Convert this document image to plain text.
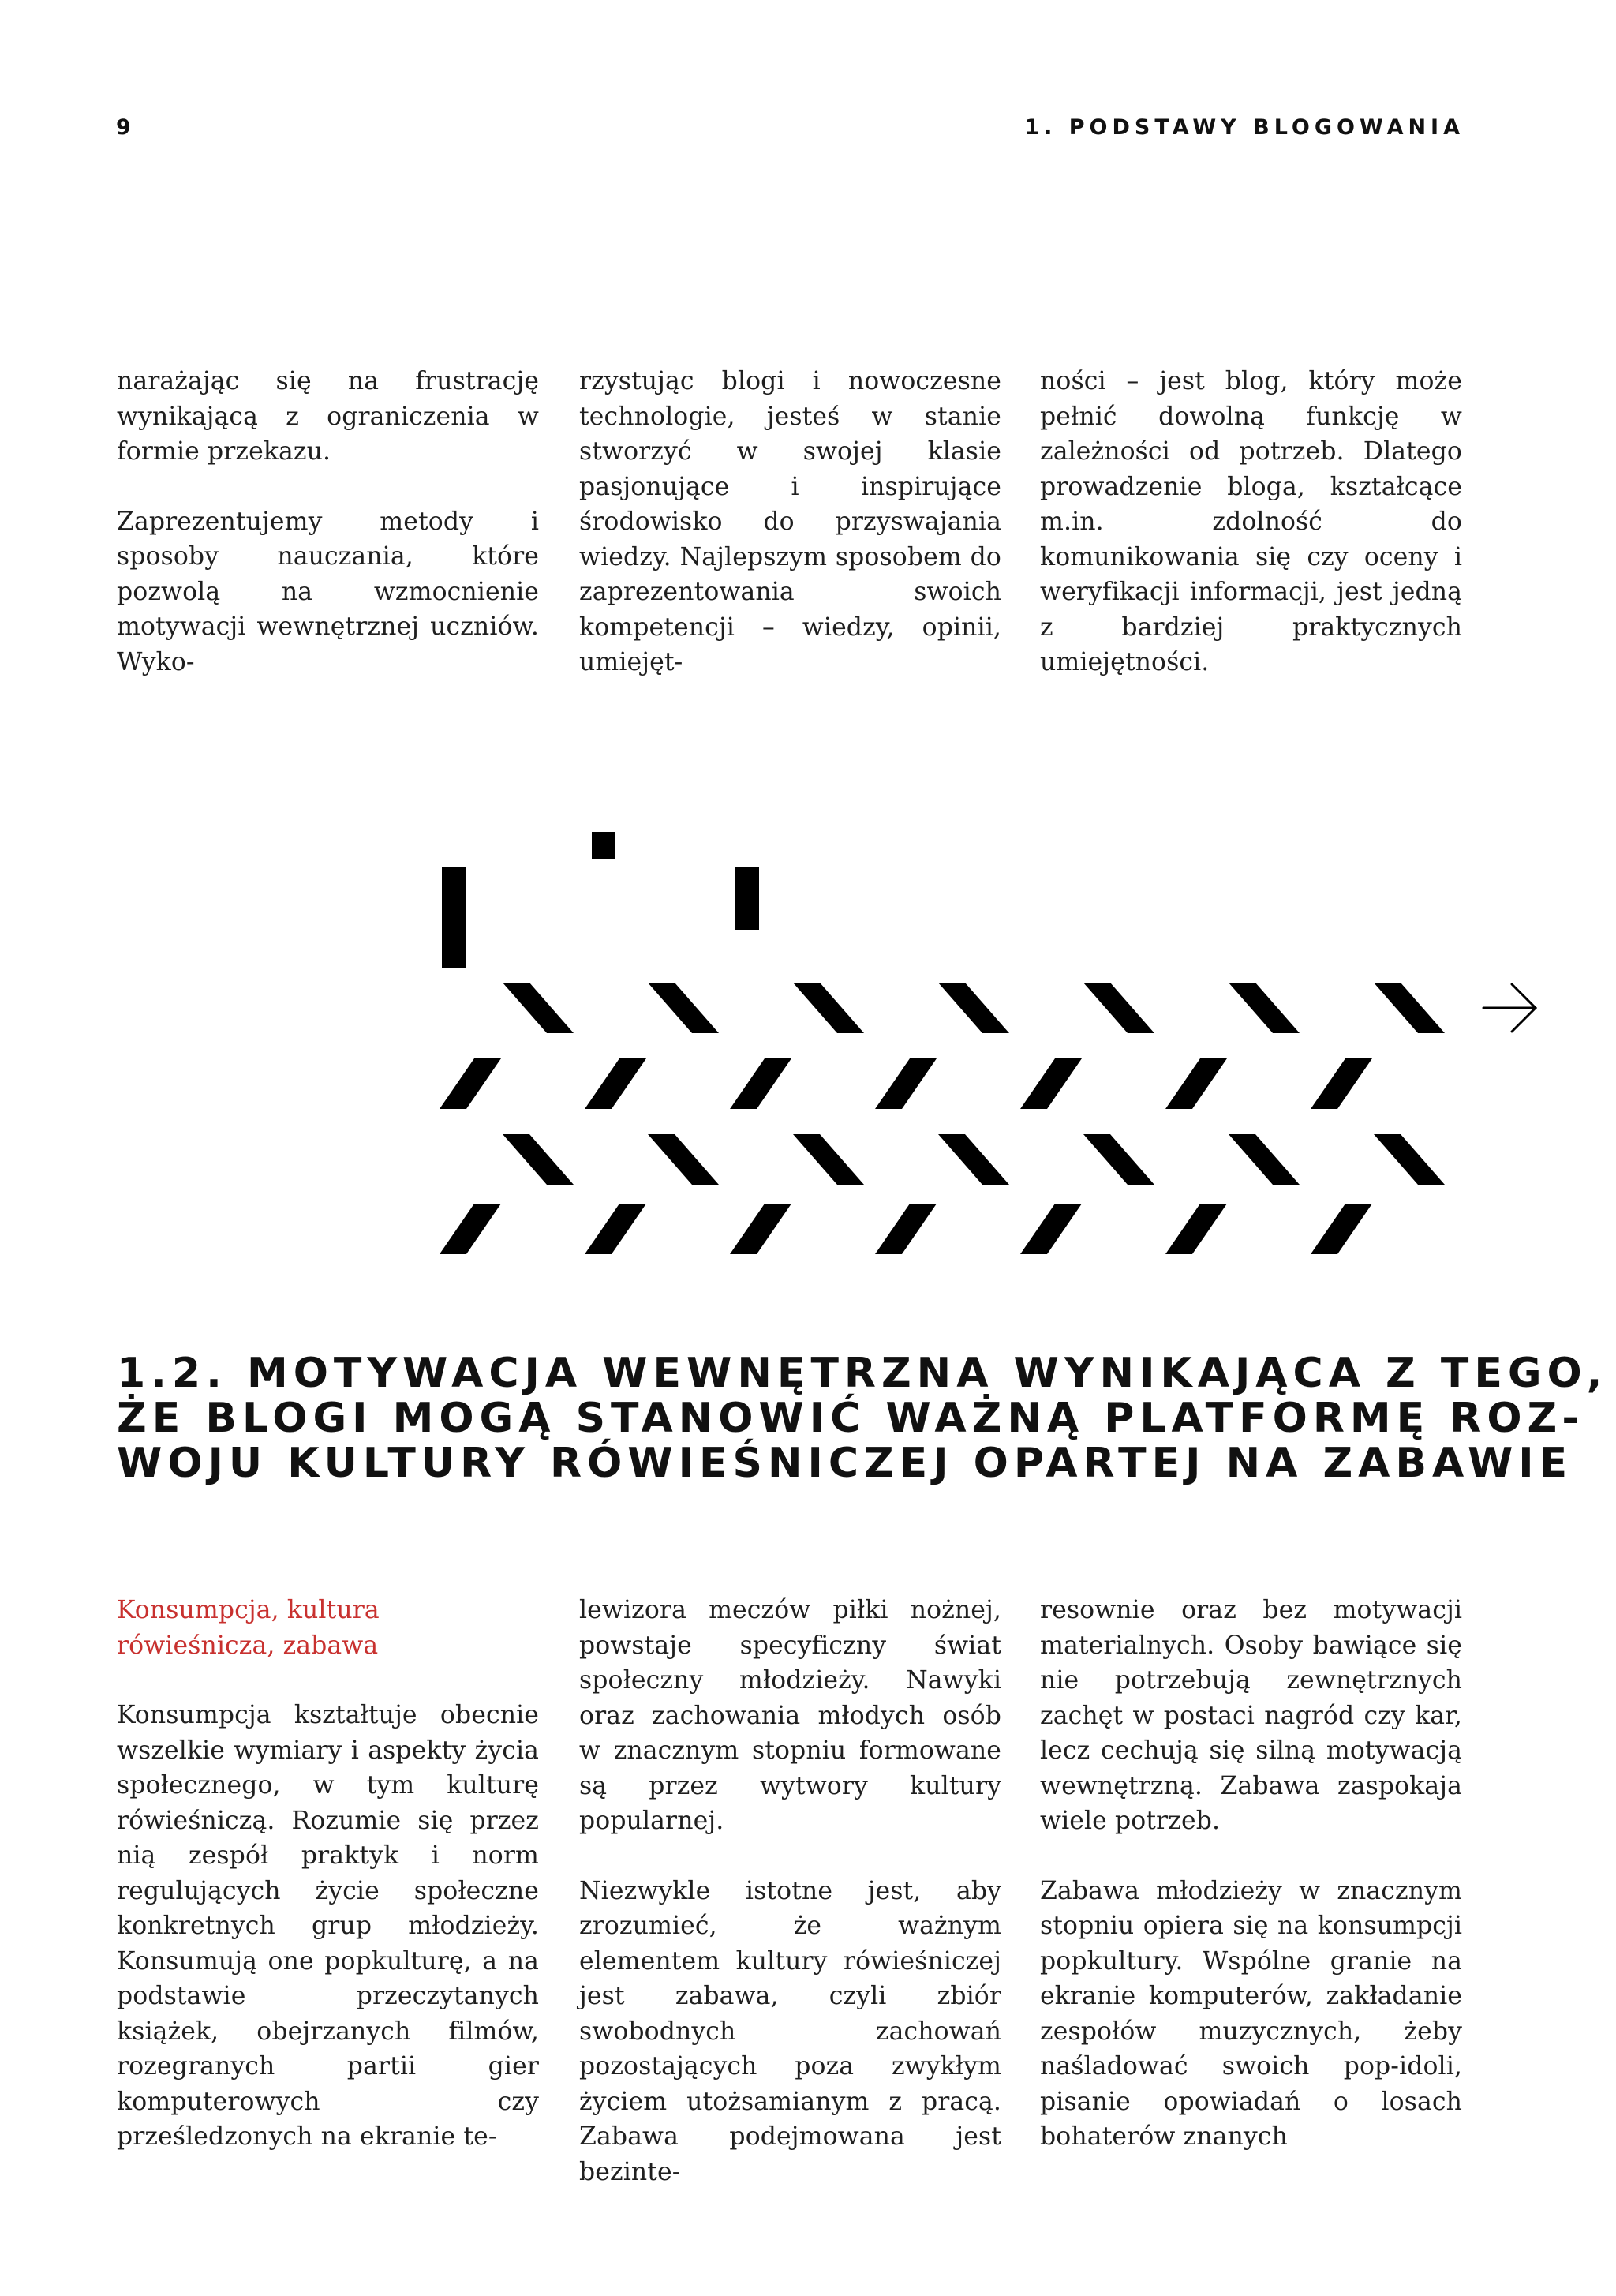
9	1. PODSTAWY BLOGOWANIA

narażając się na frustrację wynikającą z ograniczenia w formie przekazu.

Zaprezentujemy metody i sposoby nauczania, które pozwolą na wzmocnienie motywacji wewnętrznej uczniów. Wyko-

rzystując blogi i nowoczesne technologie, jesteś w stanie stworzyć w swojej klasie pasjonujące i inspirujące środowisko do przyswajania wiedzy. Najlepszym sposobem do zaprezentowania swoich kompetencji – wiedzy, opinii, umiejęt-

ności – jest blog, który może pełnić dowolną funkcję w zależności od potrzeb. Dlatego prowadzenie bloga, kształcące m.in. zdolność do komunikowania się czy oceny i weryfikacji informacji, jest jedną z bardziej praktycznych umiejętności.

1.2. MOTYWACJA WEWNĘTRZNA WYNIKAJĄCA Z TEGO,
ŻE BLOGI MOGĄ STANOWIĆ WAŻNĄ PLATFORMĘ ROZ-
WOJU KULTURY RÓWIEŚNICZEJ OPARTEJ NA ZABAWIE

Konsumpcja, kultura rówieśnicza, zabawa

Konsumpcja kształtuje obecnie wszelkie wymiary i aspekty życia społecznego, w tym kulturę rówieśniczą. Rozumie się przez nią zespół praktyk i norm regulujących życie społeczne konkretnych grup młodzieży. Konsumują one popkulturę, a na podstawie przeczytanych książek, obejrzanych filmów, rozegranych partii gier komputerowych czy prześledzonych na ekranie te-

lewizora meczów piłki nożnej, powstaje specyficzny świat społeczny młodzieży. Nawyki oraz zachowania młodych osób w znacznym stopniu formowane są przez wytwory kultury popularnej.

Niezwykle istotne jest, aby zrozumieć, że ważnym elementem kultury rówieśniczej jest zabawa, czyli zbiór swobodnych zachowań pozostających poza zwykłym życiem utożsamianym z pracą. Zabawa podejmowana jest bezinte-

resownie oraz bez motywacji materialnych. Osoby bawiące się nie potrzebują zewnętrznych zachęt w postaci nagród czy kar, lecz cechują się silną motywacją wewnętrzną. Zabawa zaspokaja wiele potrzeb.

Zabawa młodzieży w znacznym stopniu opiera się na konsumpcji popkultury. Wspólne granie na ekranie komputerów, zakładanie zespołów muzycznych, żeby naśladować swoich pop-idoli, pisanie opowiadań o losach bohaterów znanych
